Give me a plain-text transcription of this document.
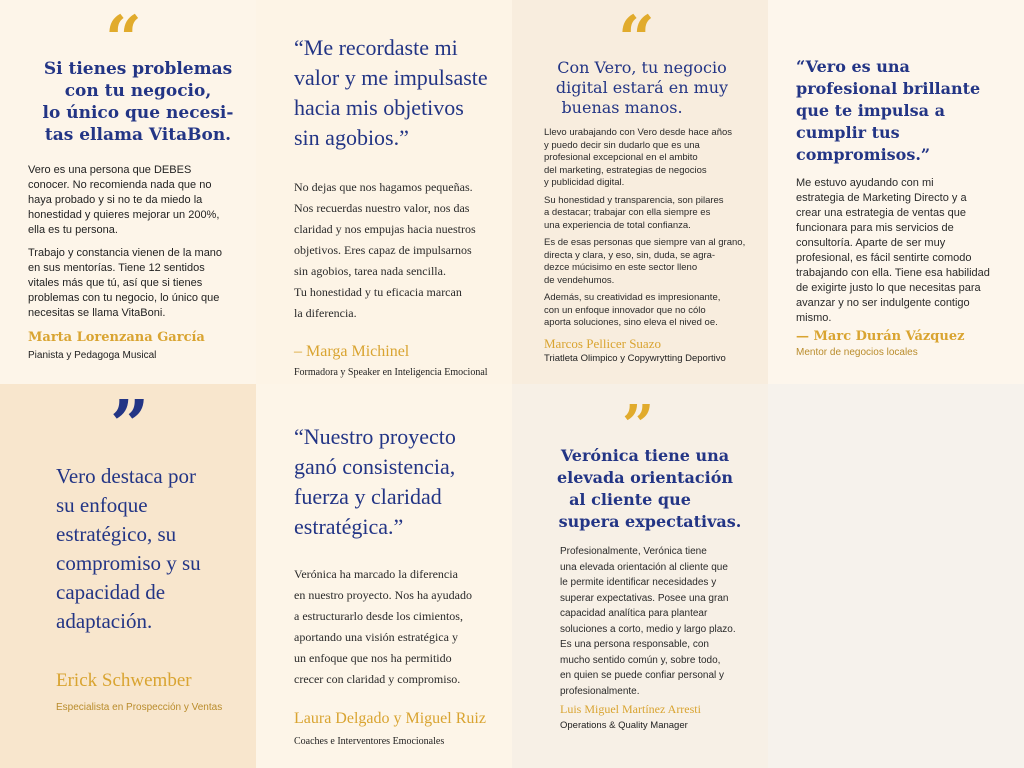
“
Si tienes problemas
con tu negocio,
lo único que necesi-
tas ellama VitaBon.

Vero es una persona que DEBES
conocer. No recomienda nada que no
haya probado y si no te da miedo la
honestidad y quieres mejorar un 200%,
ella es tu persona.

Trabajo y constancia vienen de la mano
en sus mentorías. Tiene 12 sentidos
vitales más que tú, así que si tienes
problemas con tu negocio, lo único que
necesitas se llama VitaBoni.

Marta Lorenzana García
Pianista y Pedagoga Musical
“Me recordaste mi
valor y me impulsaste
hacia mis objetivos
sin agobios.”

No dejas que nos hagamos pequeñas.
Nos recuerdas nuestro valor, nos das
claridad y nos empujas hacia nuestros
objetivos. Eres capaz de impulsarnos
sin agobios, tarea nada sencilla.
Tu honestidad y tu eficacia marcan
la diferencia.

– Marga Michinel
Formadora y Speaker en Inteligencia Emocional
“
Con Vero, tu negocio
digital estará en muy
buenas manos.

Llevo urabajando con Vero desde hace años
y puedo decir sin dudarlo que es una
profesional excepcional en el ambito
del marketing, estrategias de negocios
y publicidad digital.

Su honestidad y transparencia, son pilares
a destacar; trabajar con ella siempre es
una experiencia de total confianza.

Es de esas personas que siempre van al grano,
directa y clara, y eso, sin, duda, se agra-
dezce múcisimo en este sector lleno
de vendehumos.

Además, su creatividad es impresionante,
con un enfoque innovador que no cólo
aporta soluciones, sino eleva el nived oe.

Marcos Pellicer Suazo
Triatleta Olimpico y Copywrytting Deportivo
“Vero es una
profesional brillante
que te impulsa a
cumplir tus
compromisos.”

Me estuvo ayudando con mi
estrategia de Marketing Directo y a
crear una estrategia de ventas que
funcionara para mis servicios de
consultoría. Aparte de ser muy
profesional, es fácil sentirte comodo
trabajando con ella. Tiene esa habilidad
de exigirte justo lo que necesitas para
avanzar y no ser indulgente contigo
mismo.

— Marc Durán Vázquez
Mentor de negocios locales
”
Vero destaca por
su enfoque
estratégico, su
compromiso y su
capacidad de
adaptación.
Erick Schwember
Especialista en Prospección y Ventas
“Nuestro proyecto
ganó consistencia,
fuerza y claridad
estratégica.”

Verónica ha marcado la diferencia
en nuestro proyecto. Nos ha ayudado
a estructurarlo desde los cimientos,
aportando una visión estratégica y
un enfoque que nos ha permitido
crecer con claridad y compromiso.

Laura Delgado y Miguel Ruiz
Coaches e Interventores Emocionales
”
Verónica tiene una
elevada orientación
al cliente que
supera expectativas.

Profesionalmente, Verónica tiene
una elevada orientación al cliente que
le permite identificar necesidades y
superar expectativas. Posee una gran
capacidad analítica para plantear
soluciones a corto, medio y largo plazo.
Es una persona responsable, con
mucho sentido común y, sobre todo,
en quien se puede confiar personal y
profesionalmente.

Luis Miguel Martínez Arresti
Operations & Quality Manager
